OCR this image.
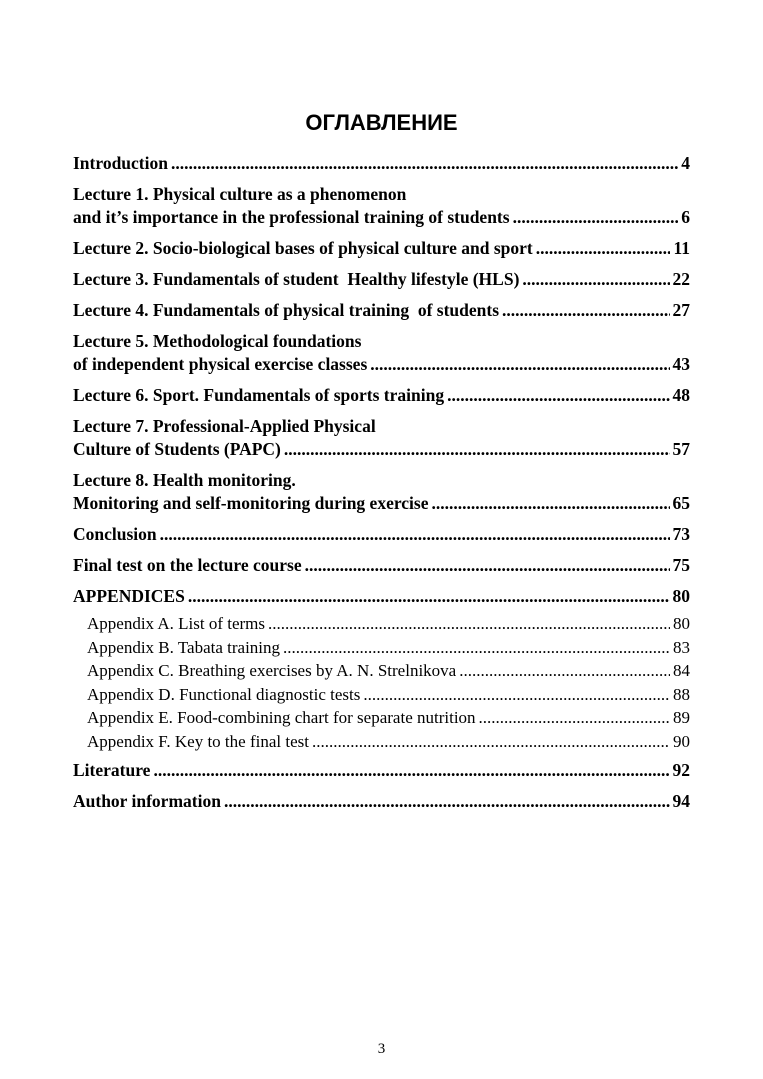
ОГЛАВЛЕНИЕ
Introduction .....	4
Lecture 1. Physical culture as a phenomenon
and it’s importance in the professional training of students .....	6
Lecture 2. Socio-biological bases of physical culture and sport .....	11
Lecture 3. Fundamentals of student  Healthy lifestyle (HLS) .....	22
Lecture 4. Fundamentals of physical training  of students .....	27
Lecture 5. Methodological foundations
of independent physical exercise classes .....	43
Lecture 6. Sport. Fundamentals of sports training .....	48
Lecture 7. Professional-Applied Physical
Culture of Students (PAPC) .....	57
Lecture 8. Health monitoring.
Monitoring and self-monitoring during exercise .....	65
Conclusion .....	73
Final test on the lecture course .....	75
APPENDICES .....	80
Appendix A. List of terms .....	80
Appendix B. Tabata training .....	83
Appendix C. Breathing exercises by A. N. Strelnikova .....	84
Appendix D. Functional diagnostic tests .....	88
Appendix E. Food-combining chart for separate nutrition .....	89
Appendix F. Key to the final test .....	90
Literature .....	92
Author information .....	94
3
